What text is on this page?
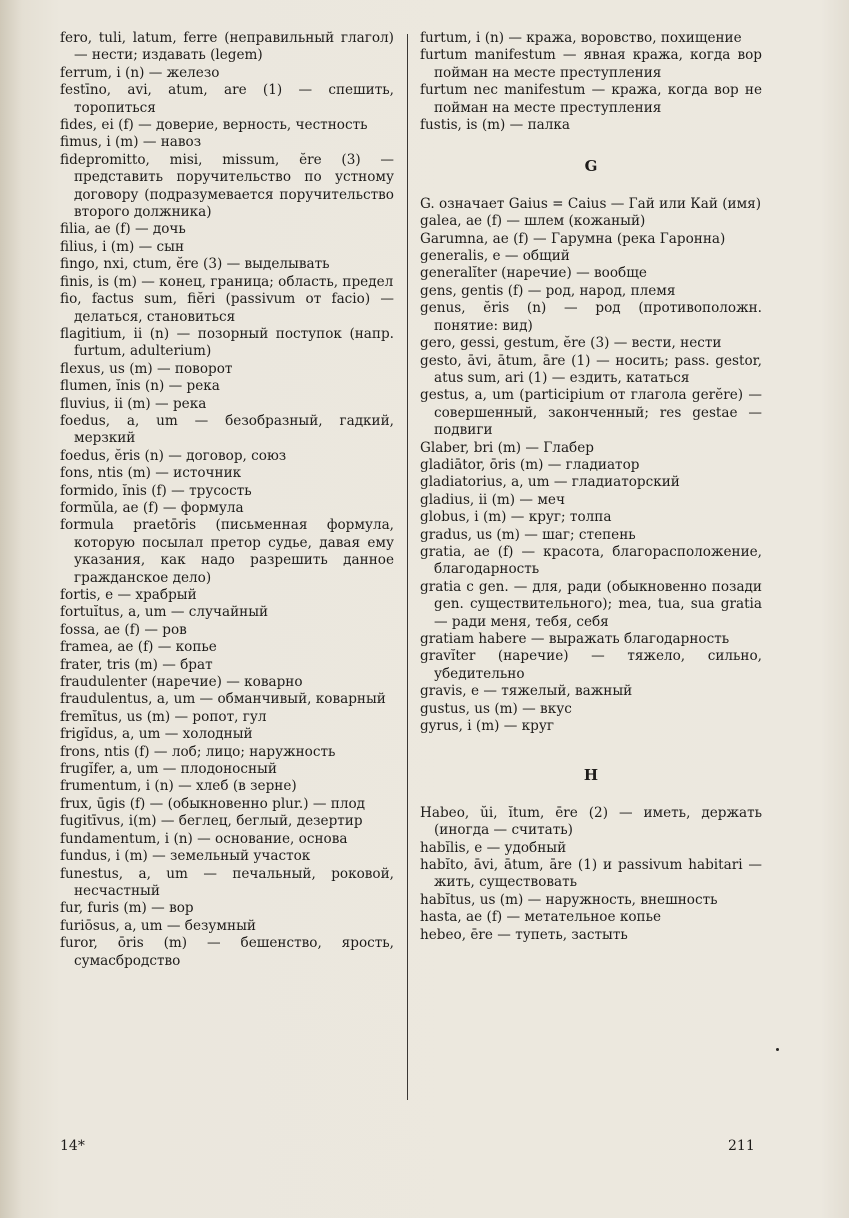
fero, tuli, latum, ferre (неправильный глагол) — нести; издавать (legem)

ferrum, i (n) — железо

festīno, avi, atum, are (1) — спешить, торопиться

fides, ei (f) — доверие, верность, честность

fimus, i (m) — навоз

fidepromitto, misi, missum, ĕre (3) — представить поручительство по устному договору (подразумевается поручительство второго должника)

filia, ae (f) — дочь

filius, i (m) — сын

fingo, nxi, ctum, ĕre (3) — выделывать

finis, is (m) — конец, граница; область, предел

fio, factus sum, fiĕri (passivum от facio) — делаться, становиться

flagitium, ii (n) — позорный поступок (напр. furtum, adulterium)

flexus, us (m) — поворот

flumen, ĭnis (n) — река

fluvius, ii (m) — река

foedus, a, um — безобразный, гадкий, мерзкий

foedus, ĕris (n) — договор, союз

fons, ntis (m) — источник

formido, ĭnis (f) — трусость

formŭla, ae (f) — формула

formula praetōris (письменная формула, которую посылал претор судье, давая ему указания, как надо разрешить данное гражданское дело)

fortis, e — храбрый

fortuĭtus, a, um — случайный

fossa, ae (f) — ров

framea, ae (f) — копье

frater, tris (m) — брат

fraudulenter (наречие) — коварно

fraudulentus, a, um — обманчивый, коварный

fremĭtus, us (m) — ропот, гул

frigĭdus, a, um — холодный

frons, ntis (f) — лоб; лицо; наружность

frugĭfer, a, um — плодоносный

frumentum, i (n) — хлеб (в зерне)

frux, ūgis (f) — (обыкновенно plur.) — плод

fugitīvus, i(m) — беглец, беглый, дезертир

fundamentum, i (n) — основание, основа

fundus, i (m) — земельный участок

funestus, a, um — печальный, роковой, несчастный

fur, furis (m) — вор

furiōsus, a, um — безумный

furor, ōris (m) — бешенство, ярость, сумасбродство

furtum, i (n) — кража, воровство, похищение

furtum manifestum — явная кража, когда вор пойман на месте преступления

furtum nec manifestum — кража, когда вор не пойман на месте преступления

fustis, is (m) — палка

G

G. означает Gaius = Caius — Гай или Кай (имя)

galea, ae (f) — шлем (кожаный)

Garumna, ae (f) — Гарумна (река Гаронна)

generalis, e — общий

generalĭter (наречие) — вообще

gens, gentis (f) — род, народ, племя

genus, ĕris (n) — род (противоположн. понятие: вид)

gero, gessi, gestum, ĕre (3) — вести, нести

gesto, āvi, ātum, āre (1) — носить; pass. gestor, atus sum, ari (1) — ездить, кататься

gestus, a, um (participium от глагола gerĕre) — совершенный, законченный; res gestae — подвиги

Glaber, bri (m) — Глабер

gladiātor, ōris (m) — гладиатор

gladiatorius, a, um — гладиаторский

gladius, ii (m) — меч

globus, i (m) — круг; толпа

gradus, us (m) — шаг; степень

gratia, ae (f) — красота, благорасположение, благодарность

gratia с gen. — для, ради (обыкновенно позади gen. существительного); mea, tua, sua gratia — ради меня, тебя, себя

gratiam habere — выражать благодарность

gravĭter (наречие) — тяжело, сильно, убедительно

gravis, e — тяжелый, важный

gustus, us (m) — вкус

gyrus, i (m) — круг

H

Habeo, ŭi, ĭtum, ēre (2) — иметь, держать (иногда — считать)

habĭlis, e — удобный

habĭto, āvi, ātum, āre (1) и passivum habitari — жить, существовать

habĭtus, us (m) — наружность, внешность

hasta, ae (f) — метательное копье

hebeo, ēre — тупеть, застыть

14*	211
